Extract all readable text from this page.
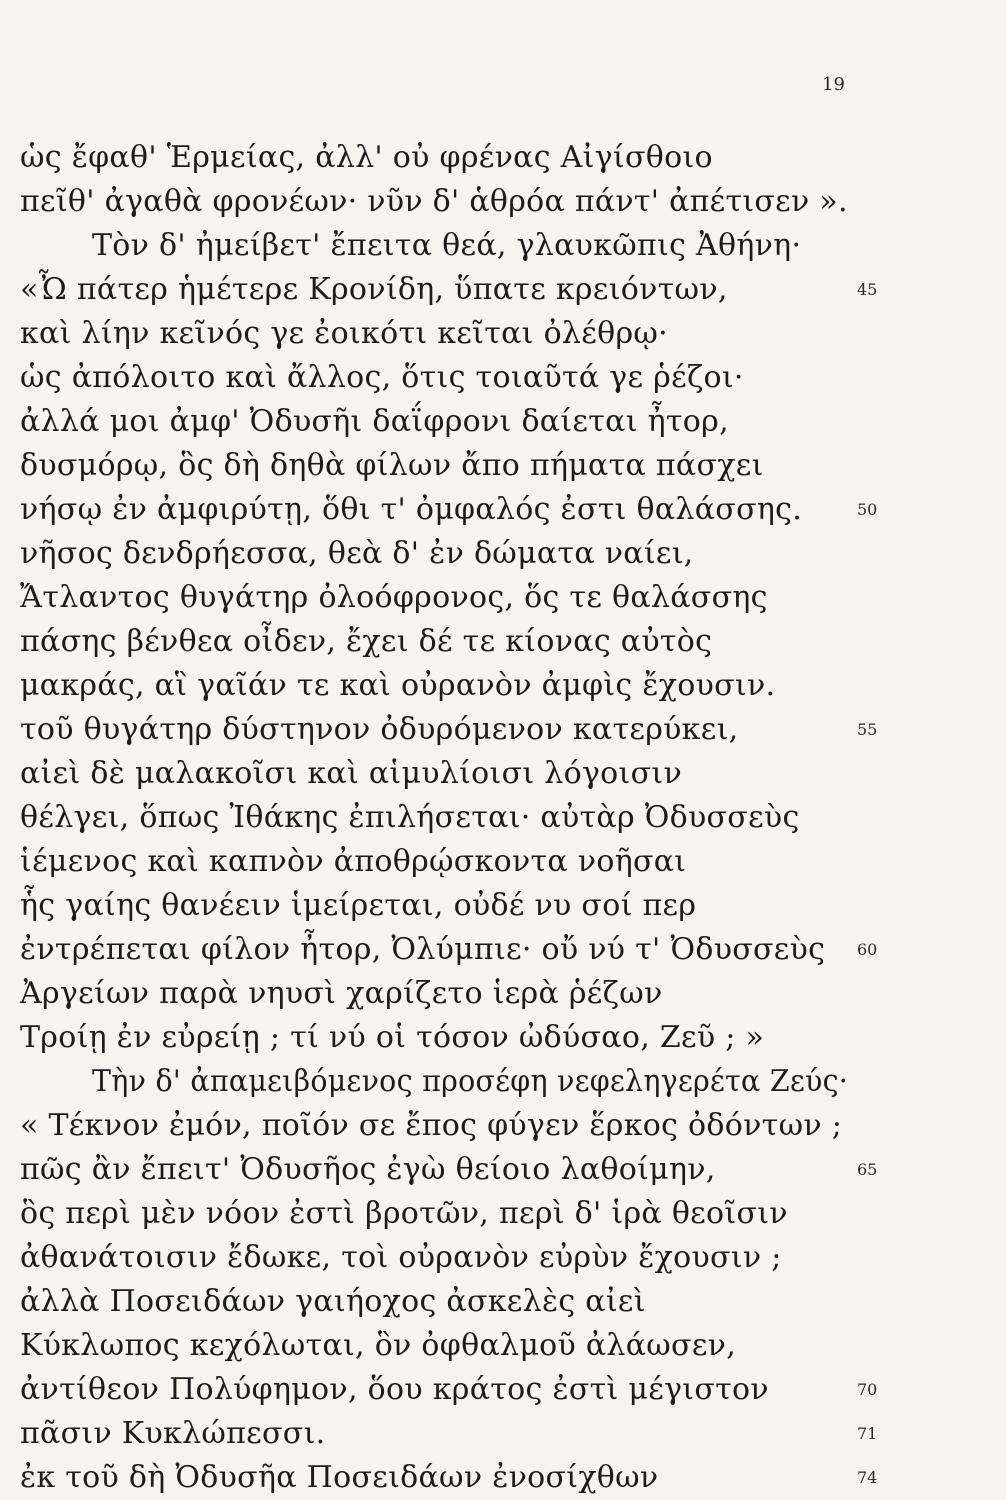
19
ὡς ἔφαθ' Ἑρμείας, ἀλλ' οὐ φρένας Αἰγίσθοιο
πεῖθ' ἀγαθὰ φρονέων· νῦν δ' ἁθρόα πάντ' ἀπέτισεν ».
Τὸν δ' ἠμείβετ' ἔπειτα θεά, γλαυκῶπις Ἀθήνη·
«Ὦ πάτερ ἡμέτερε Κρονίδη, ὕπατε κρειόντων,	45
καὶ λίην κεῖνός γε ἐοικότι κεῖται ὀλέθρῳ·
ὡς ἀπόλοιτο καὶ ἄλλος, ὅτις τοιαῦτά γε ῥέζοι·
ἀλλά μοι ἀμφ' Ὀδυσῆι δαΐφρονι δαίεται ἦτορ,
δυσμόρῳ, ὃς δὴ δηθὰ φίλων ἄπο πήματα πάσχει
νήσῳ ἐν ἀμφιρύτῃ, ὅθι τ' ὀμφαλός ἐστι θαλάσσης.	50
νῆσος δενδρήεσσα, θεὰ δ' ἐν δώματα ναίει,
Ἄτλαντος θυγάτηρ ὀλοόφρονος, ὅς τε θαλάσσης
πάσης βένθεα οἶδεν, ἔχει δέ τε κίονας αὐτὸς
μακράς, αἳ γαῖάν τε καὶ οὐρανὸν ἀμφὶς ἔχουσιν.
τοῦ θυγάτηρ δύστηνον ὀδυρόμενον κατερύκει,	55
αἰεὶ δὲ μαλακοῖσι καὶ αἱμυλίοισι λόγοισιν
θέλγει, ὅπως Ἰθάκης ἐπιλήσεται· αὐτὰρ Ὀδυσσεὺς
ἱέμενος καὶ καπνὸν ἀποθρῴσκοντα νοῆσαι
ἧς γαίης θανέειν ἱμείρεται, οὐδέ νυ σοί περ
ἐντρέπεται φίλον ἦτορ, Ὀλύμπιε· οὔ νύ τ' Ὀδυσσεὺς 60
Ἀργείων παρὰ νηυσὶ χαρίζετο ἱερὰ ῥέζων
Τροίῃ ἐν εὐρείῃ ; τί νύ οἱ τόσον ὠδύσαο, Ζεῦ ; »
Τὴν δ' ἀπαμειβόμενος προσέφη νεφεληγερέτα Ζεύς·
« Τέκνον ἐμόν, ποῖόν σε ἔπος φύγεν ἕρκος ὀδόντων ;
πῶς ἂν ἔπειτ' Ὀδυσῆος ἐγὼ θείοιο λαθοίμην,	65
ὃς περὶ μὲν νόον ἐστὶ βροτῶν, περὶ δ' ἱρὰ θεοῖσιν
ἀθανάτοισιν ἔδωκε, τοὶ οὐρανὸν εὐρὺν ἔχουσιν ;
ἀλλὰ Ποσειδάων γαιήοχος ἀσκελὲς αἰεὶ
Κύκλωπος κεχόλωται, ὃν ὀφθαλμοῦ ἀλάωσεν,
ἀντίθεον Πολύφημον, ὅου κράτος ἐστὶ μέγιστον	70
πᾶσιν Κυκλώπεσσι.	71
ἐκ τοῦ δὴ Ὀδυσῆα Ποσειδάων ἐνοσίχθων	74
